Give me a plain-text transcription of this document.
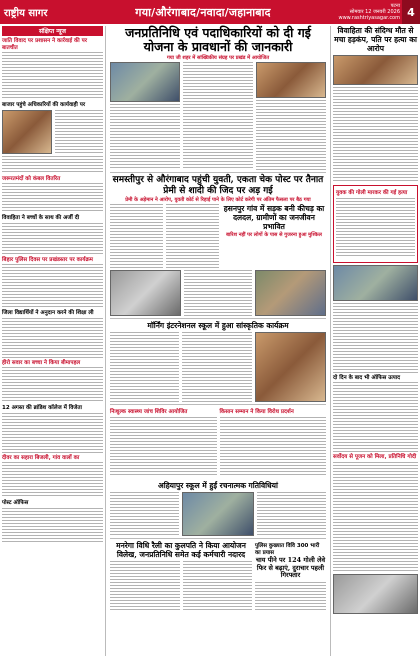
राष्ट्रीय सागर	गया/औरंगाबाद/नवादा/जहानाबाद	पटना
सोमवार 12 जनवरी 2026
www.rashtriyasagar.com 4
संक्षिप्त न्यूज
जाति विवाद पर प्रशासन ने कार्रवाई की पर बातचीत
बाजार पहुंचे अधिकारियों की कार्यवाही पर
जरूरतमंदों को कंबल वितरित
विवाहिता ने बच्चों के साथ की अर्जी दी
बिहार पुलिस दिवस पर प्रखंडस्तर पर कार्यक्रम
जिला विद्यार्थियों ने अनुदान करने की शिक्षा ली
हीरो सवार का बच्चा ने किया बीमापहल
12 अगस्त की ब्रांडिश कॉलेज में विजेता
दीवर का सहारा बिजली, गांव वालों का
पोस्ट ऑफिस
जनप्रतिनिधि एवं पदाधिकारियों को दी गई योजना के प्रावधानों की जानकारी
गया जी शहर में सांख्यिकीय संग्रह पर प्रखंड में आयोजित
समस्तीपुर से औरंगाबाद पहुंची युवती, एकता चेक पोस्ट पर तैनात प्रेमी से शादी की जिद पर अड़ गई
प्रेमी के अड़ेमान ने आरोप, युवती कोर्ट से रिहाई पाने के लिए कोर्ट करेगी पर अंतिम फैसला पर बैठ गया
हसनपुर गांव में सड़क बनी कीचड़ का दलदल, ग्रामीणों का जनजीवन प्रभावित
बारिश नहीं पर लोगों के पास से गुजरना हुआ मुश्किल
मॉर्निंग इंटरनेशनल स्कूल में हुआ सांस्कृतिक कार्यक्रम
निःशुल्क स्वास्थ्य जांच शिविर आयोजित	किसान सम्मान ने किया विरोध प्रदर्शन
अहियापुर स्कूल में हुईं रचनात्मक गतिविधियां
मनरेगा विधि रैली का कुलपति ने किया आयोजन विलेख, जनप्रतिनिधि समेत कई कर्मचारी नदारद
पुलिस कुख्यात विवि 300 भारी का प्रयास
चाय पीने पर 124 गोली लेवे फिर से बढ़ाएं, दुराचार पहली गिरफ्तार
विवाहिता की संदिग्ध मौत से मचा हड़कंप, पति पर हत्या का आरोप
युवक की गोली मारकर की गई हत्या
दो दिन के बाद भी ऑफिस उत्पाद
सर्वोदय से पूजन को मिला, प्रतिनिधि गोदी
